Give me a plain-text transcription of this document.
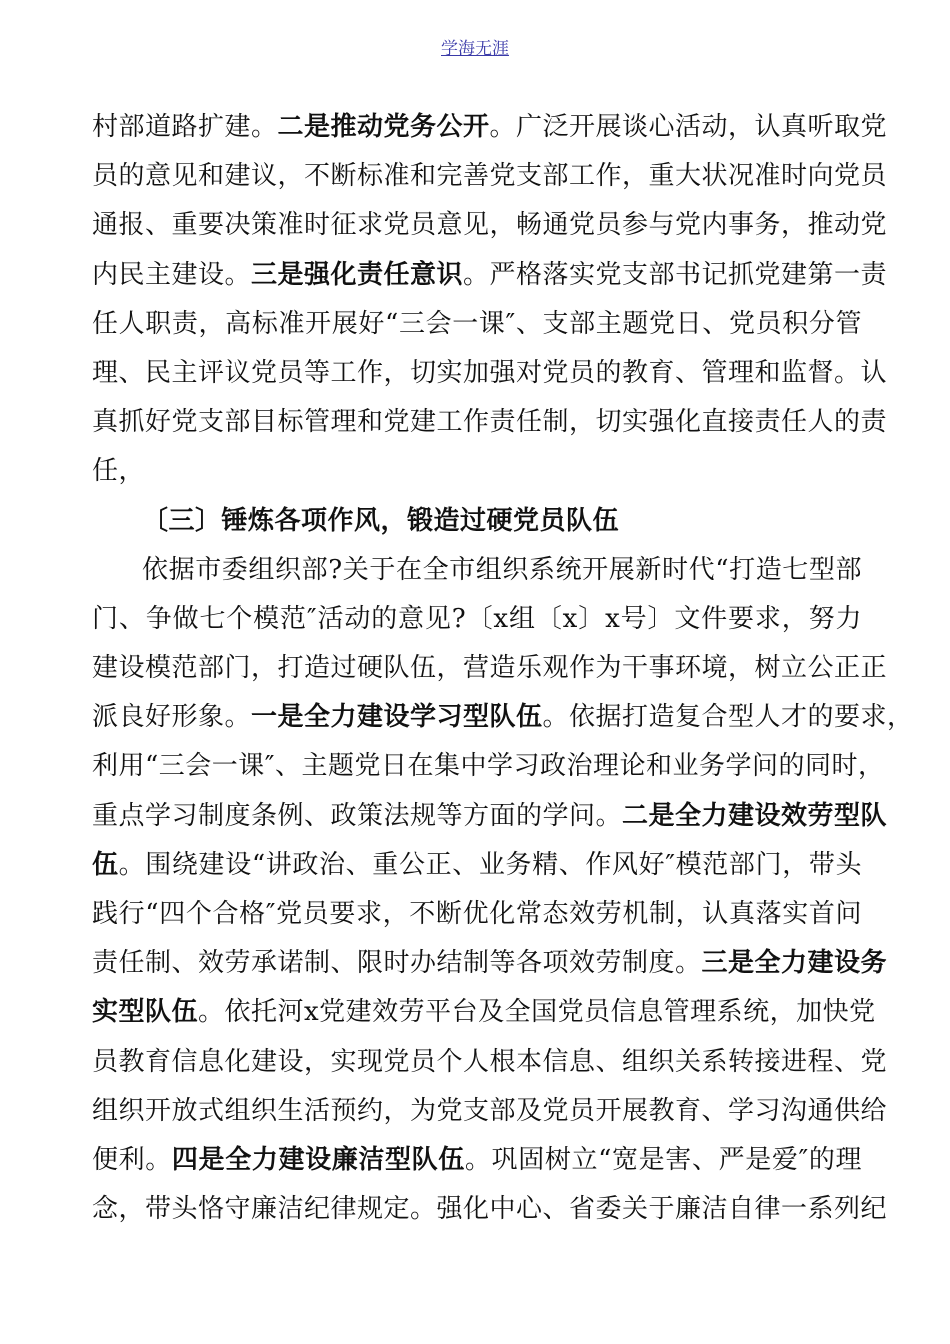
学海无涯
村部道路扩建。二是推动党务公开。广泛开展谈心活动，认真听取党
员的意见和建议，不断标准和完善党支部工作，重大状况准时向党员
通报、重要决策准时征求党员意见，畅通党员参与党内事务，推动党
内民主建设。三是强化责任意识。严格落实党支部书记抓党建第一责
任人职责，高标准开展好“三会一课″、支部主题党日、党员积分管
理、民主评议党员等工作，切实加强对党员的教育、管理和监督。认
真抓好党支部目标管理和党建工作责任制，切实强化直接责任人的责
任，
〔三〕锤炼各项作风，锻造过硬党员队伍
依据市委组织部?关于在全市组织系统开展新时代“打造七型部
门、争做七个模范″活动的意见?〔x组〔x〕x号〕文件要求，努力
建设模范部门，打造过硬队伍，营造乐观作为干事环境，树立公正正
派良好形象。一是全力建设学习型队伍。依据打造复合型人才的要求，
利用“三会一课″、主题党日在集中学习政治理论和业务学问的同时，
重点学习制度条例、政策法规等方面的学问。二是全力建设效劳型队
伍。围绕建设“讲政治、重公正、业务精、作风好″模范部门，带头
践行“四个合格″党员要求，不断优化常态效劳机制，认真落实首问
责任制、效劳承诺制、限时办结制等各项效劳制度。三是全力建设务
实型队伍。依托河x党建效劳平台及全国党员信息管理系统，加快党
员教育信息化建设，实现党员个人根本信息、组织关系转接进程、党
组织开放式组织生活预约，为党支部及党员开展教育、学习沟通供给
便利。四是全力建设廉洁型队伍。巩固树立“宽是害、严是爱″的理
念，带头恪守廉洁纪律规定。强化中心、省委关于廉洁自律一系列纪
